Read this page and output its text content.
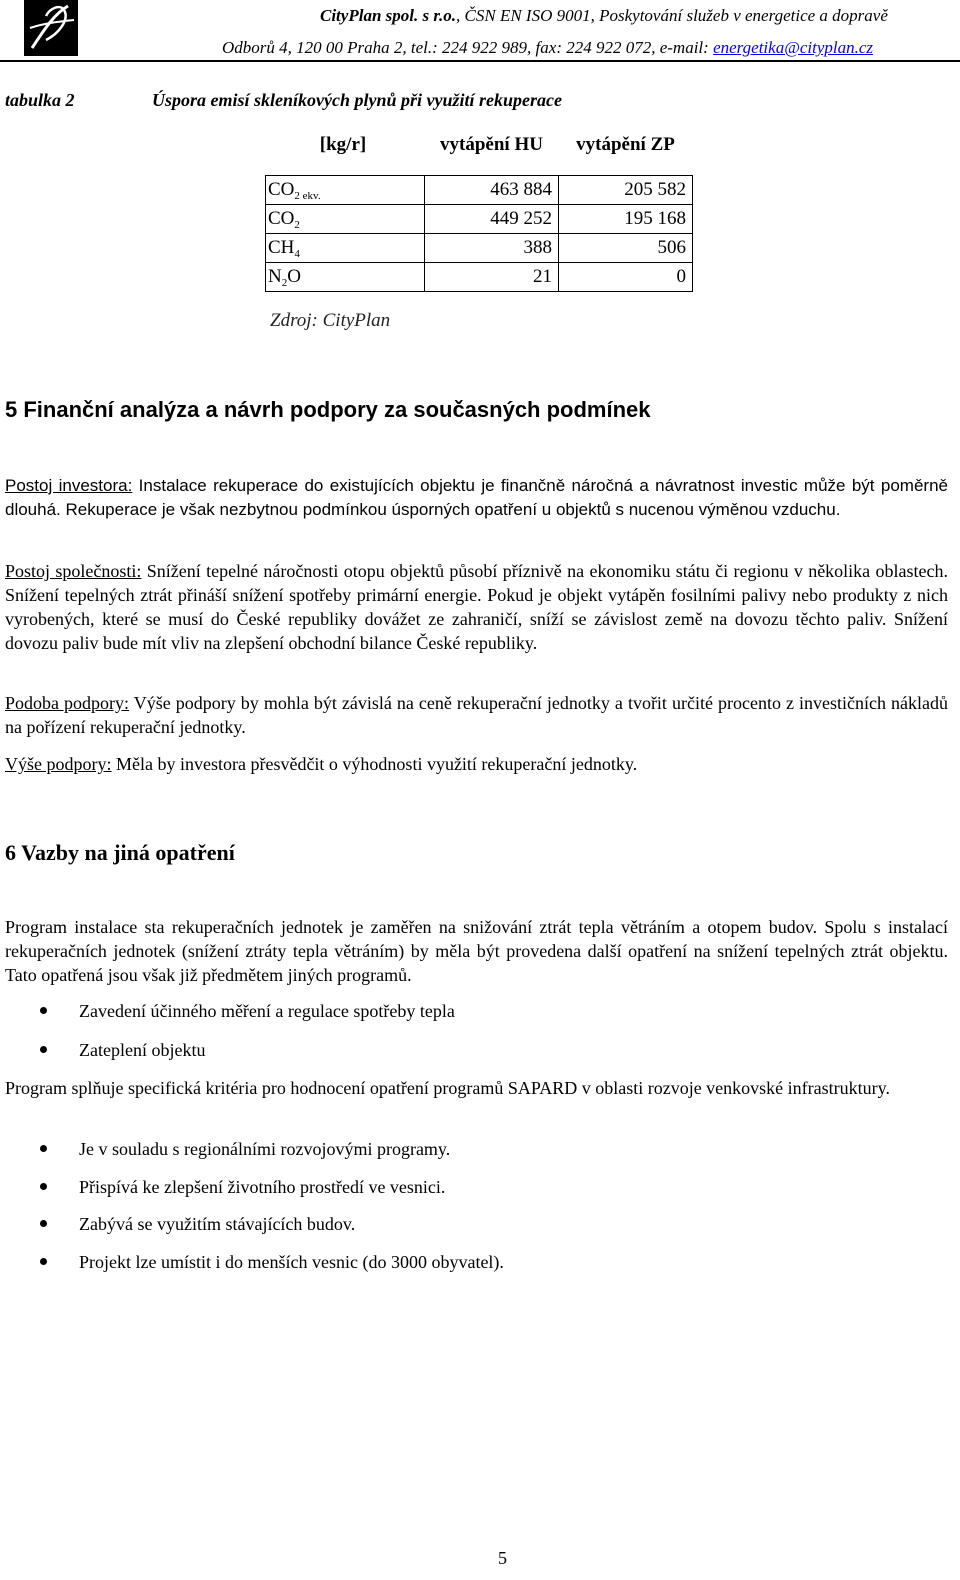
CityPlan spol. s r.o., ČSN EN ISO 9001, Poskytování služeb v energetice a dopravě
Odborů 4, 120 00 Praha 2, tel.: 224 922 989, fax: 224 922 072, e-mail: energetika@cityplan.cz
tabulka 2	Úspora emisí skleníkových plynů při využití rekuperace
[kg/r]	vytápění HU	vytápění ZP

$CO_{2 ekv.}$	463 884	205 582
$CO_2$	449 252	195 168
$CH_4$	388	506
$N_2O$	21	0
Zdroj: CityPlan
5 Finanční analýza a návrh podpory za současných podmínek
Postoj investora: Instalace rekuperace do existujících objektu je finančně náročná a návratnost investic může být poměrně dlouhá. Rekuperace je však nezbytnou podmínkou úsporných opatření u objektů s nucenou výměnou vzduchu.
Postoj společnosti: Snížení tepelné náročnosti otopu objektů působí příznivě na ekonomiku státu či regionu v několika oblastech. Snížení tepelných ztrát přináší snížení spotřeby primární energie. Pokud je objekt vytápěn fosilními palivy nebo produkty z nich vyrobených, které se musí do České republiky dovážet ze zahraničí, sníží se závislost země na dovozu těchto paliv. Snížení dovozu paliv bude mít vliv na zlepšení obchodní bilance České republiky.
Podoba podpory: Výše podpory by mohla být závislá na ceně rekuperační jednotky a tvořit určité procento z investičních nákladů na pořízení rekuperační jednotky.
Výše podpory: Měla by investora přesvědčit o výhodnosti využití rekuperační jednotky.
6 Vazby na jiná opatření
Program instalace sta rekuperačních jednotek je zaměřen na snižování ztrát tepla větráním a otopem budov. Spolu s instalací rekuperačních jednotek (snížení ztráty tepla větráním) by měla být provedena další opatření na snížení tepelných ztrát objektu. Tato opatřená jsou však již předmětem jiných programů.
Zavedení účinného měření a regulace spotřeby tepla
Zateplení objektu
Program splňuje specifická kritéria pro hodnocení opatření programů SAPARD v oblasti rozvoje venkovské infrastruktury.
Je v souladu s regionálními rozvojovými programy.
Přispívá ke zlepšení životního prostředí ve vesnici.
Zabývá se využitím stávajících budov.
Projekt lze umístit i do menších vesnic (do 3000 obyvatel).
5
